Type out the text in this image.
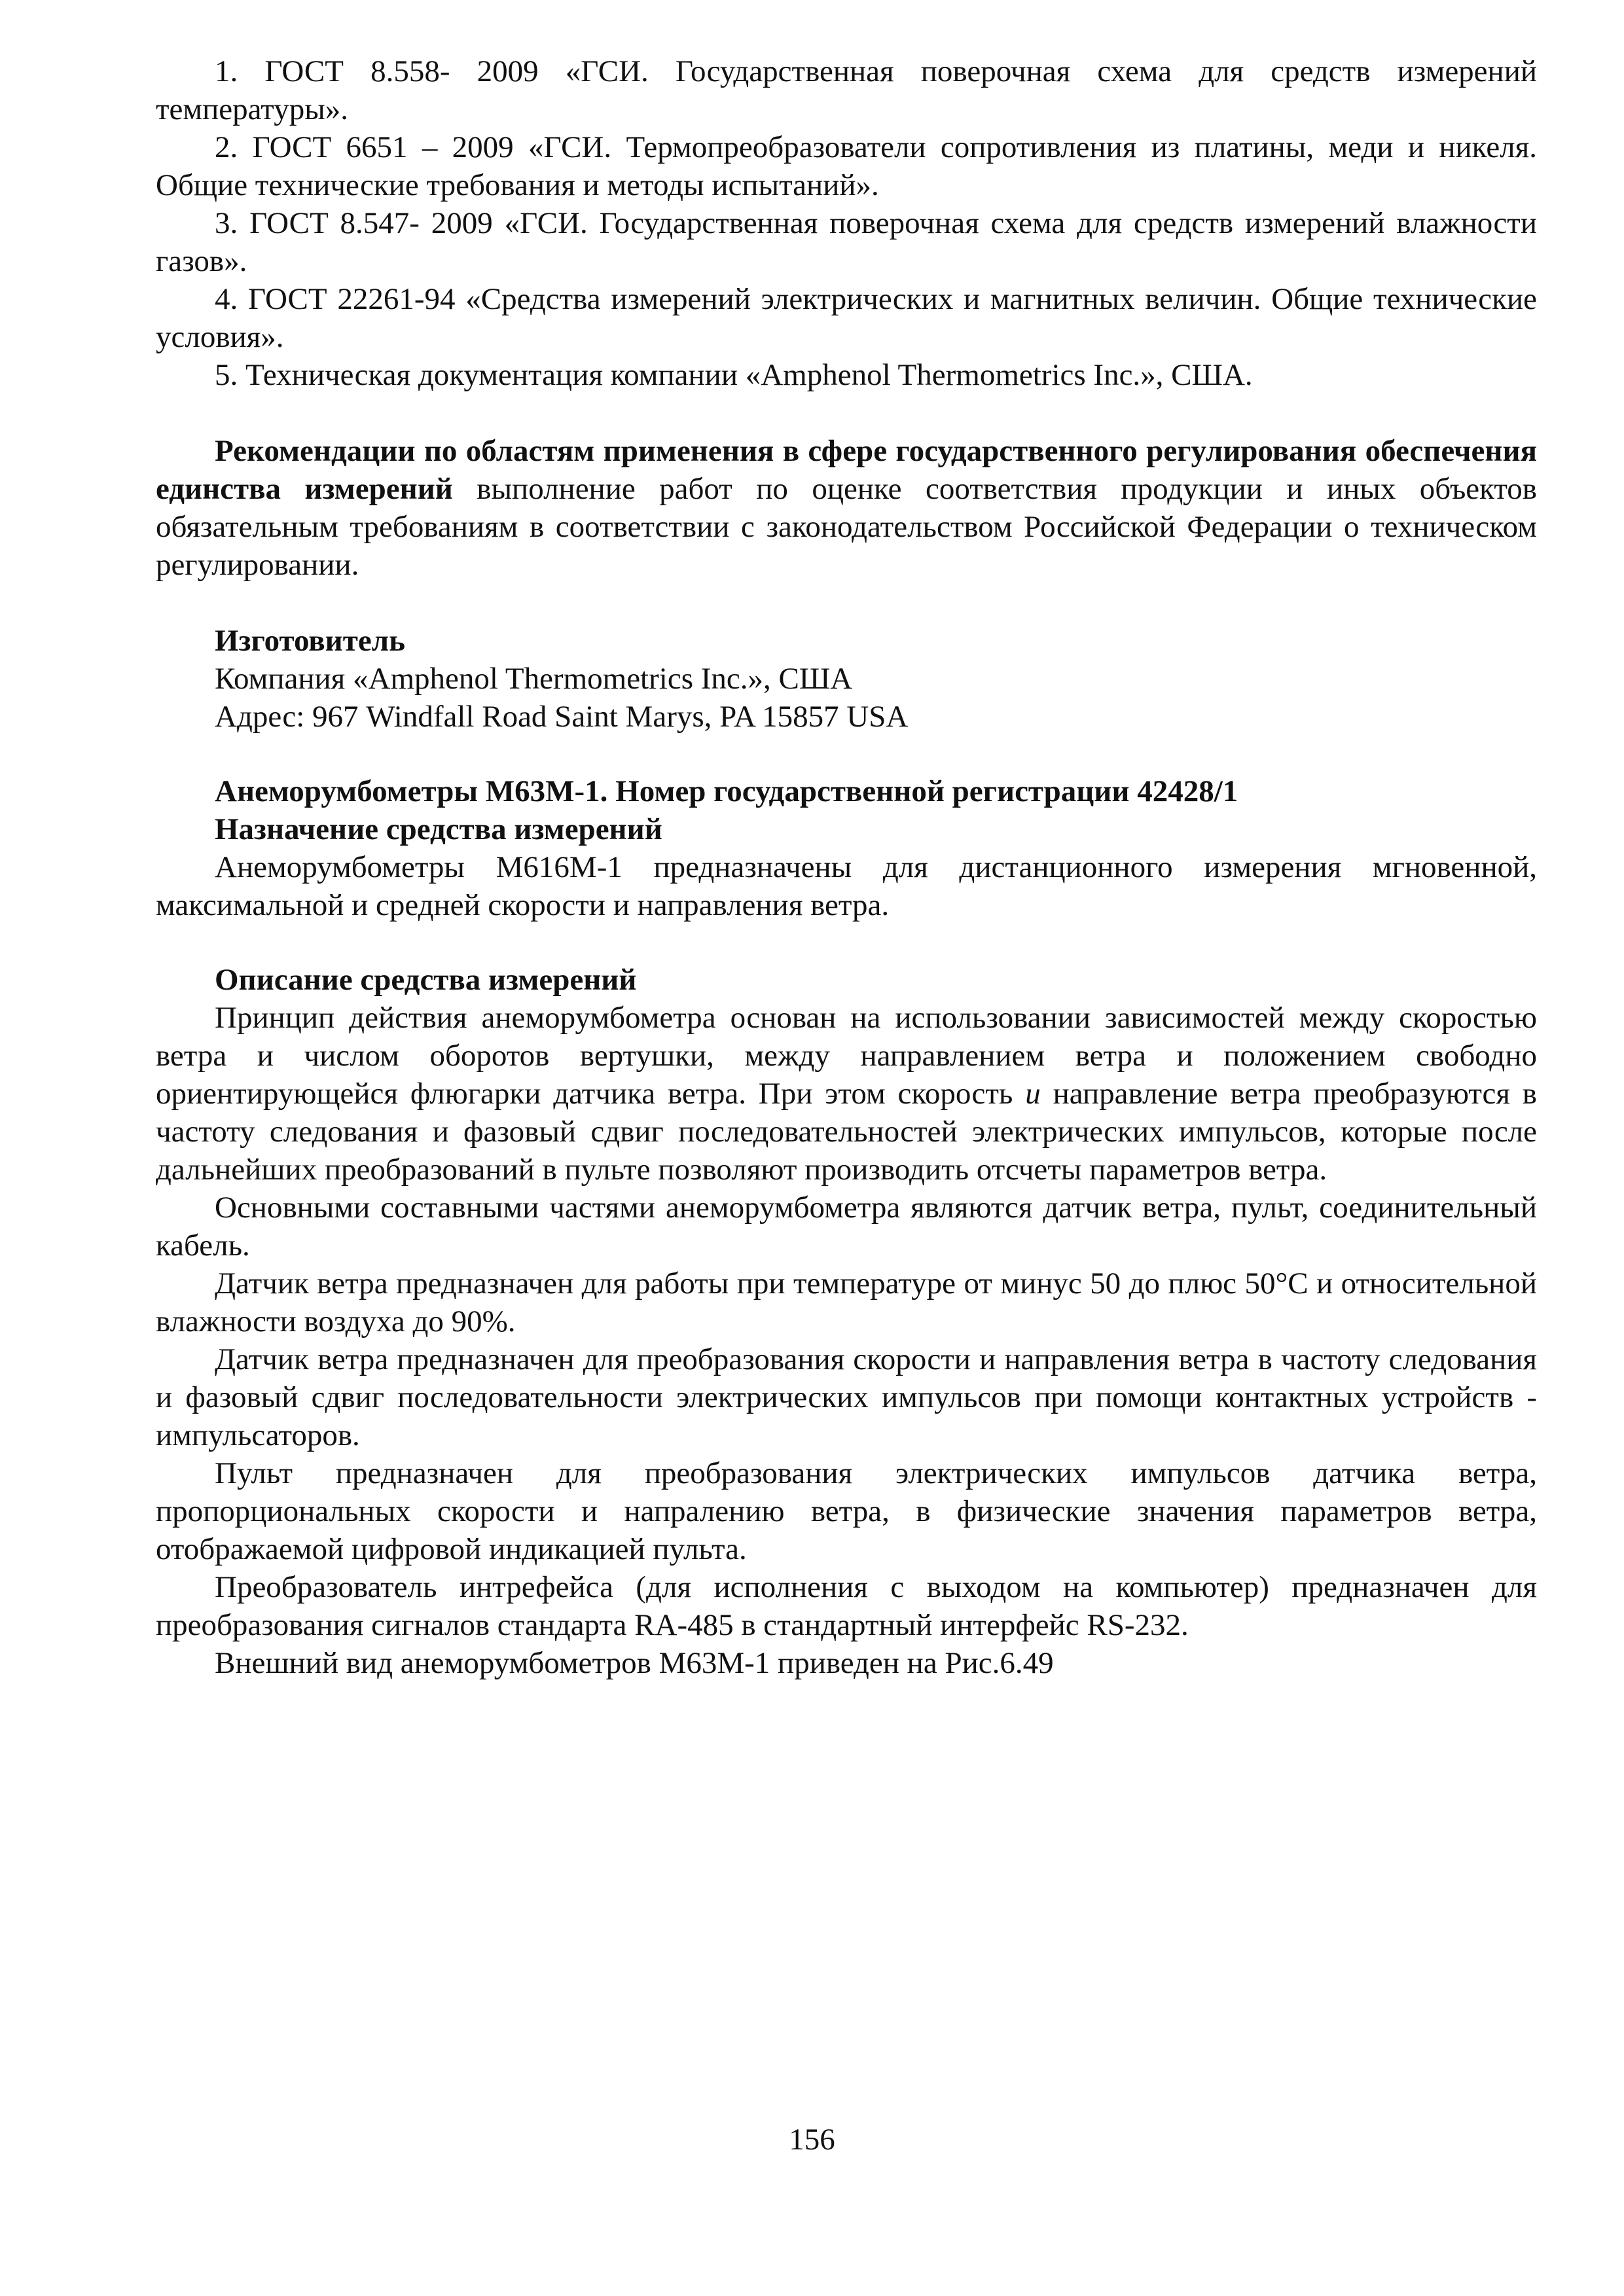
1. ГОСТ 8.558- 2009 «ГСИ. Государственная поверочная схема для средств измерений температуры».

2. ГОСТ 6651 – 2009 «ГСИ. Термопреобразователи сопротивления из платины, меди и никеля. Общие технические требования и методы испытаний».

3. ГОСТ 8.547- 2009 «ГСИ. Государственная поверочная схема для средств измерений влажности газов».

4. ГОСТ 22261-94 «Средства измерений электрических и магнитных величин. Общие технические условия».

5. Техническая документация компании «Amphenol Thermometrics Inc.», США.

Рекомендации по областям применения в сфере государственного регулирования обеспечения единства измерений выполнение работ по оценке соответствия продукции и иных объектов обязательным требованиям в соответствии с законодательством Российской Федерации о техническом регулировании.

Изготовитель

Компания «Amphenol Thermometrics Inc.», США

Адрес: 967 Windfall Road Saint Marys, PA 15857 USA

Анеморумбометры М63М-1. Номер государственной регистрации 42428/1

Назначение средства измерений

Анеморумбометры М616М-1 предназначены для дистанционного измерения мгновенной, максимальной и средней скорости и направления ветра.

Описание средства измерений

Принцип действия анеморумбометра основан на использовании зависимостей между скоростью ветра и числом оборотов вертушки, между направлением ветра и положением свободно ориентирующейся флюгарки датчика ветра. При этом скорость и направление ветра преобразуются в частоту следования и фазовый сдвиг последовательностей электрических импульсов, которые после дальнейших преобразований в пульте позволяют производить отсчеты параметров ветра.

Основными составными частями анеморумбометра являются датчик ветра, пульт, соединительный кабель.

Датчик ветра предназначен для работы при температуре от минус 50 до плюс 50°С и относительной влажности воздуха до 90%.

Датчик ветра предназначен для преобразования скорости и направления ветра в частоту следования и фазовый сдвиг последовательности электрических импульсов при помощи контактных устройств - импульсаторов.

Пульт предназначен для преобразования электрических импульсов датчика ветра, пропорциональных скорости и напралению ветра, в физические значения параметров ветра, отображаемой цифровой индикацией пульта.

Преобразователь интрефейса (для исполнения с выходом на компьютер) предназначен для преобразования сигналов стандарта RA-485 в стандартный интерфейс RS-232.

Внешний вид анеморумбометров М63М-1 приведен на Рис.6.49

156
